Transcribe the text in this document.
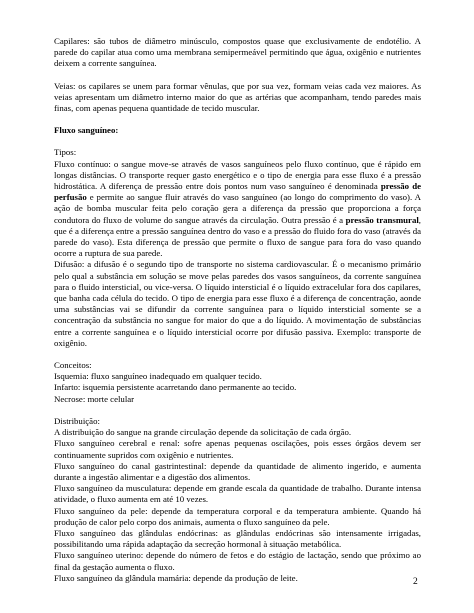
Capilares: são tubos de diâmetro minúsculo, compostos quase que exclusivamente de endotélio. A parede do capilar atua como uma membrana semipermeável permitindo que água, oxigênio e nutrientes deixem a corrente sanguínea.

Veias: os capilares se unem para formar vênulas, que por sua vez, formam veias cada vez maiores. As veias apresentam um diâmetro interno maior do que as artérias que acompanham, tendo paredes mais finas, com apenas pequena quantidade de tecido muscular.

Fluxo sanguíneo:

Tipos:

Fluxo contínuo: o sangue move-se através de vasos sanguíneos pelo fluxo contínuo, que é rápido em longas distâncias. O transporte requer gasto energético e o tipo de energia para esse fluxo é a pressão hidrostática. A diferença de pressão entre dois pontos num vaso sanguíneo é denominada pressão de perfusão e permite ao sangue fluir através do vaso sanguíneo (ao longo do comprimento do vaso). A ação de bomba muscular feita pelo coração gera a diferença da pressão que proporciona a força condutora do fluxo de volume do sangue através da circulação. Outra pressão é a pressão transmural, que é a diferença entre a pressão sanguínea dentro do vaso e a pressão do fluido fora do vaso (através da parede do vaso). Esta diferença de pressão que permite o fluxo de sangue para fora do vaso quando ocorre a ruptura de sua parede.

Difusão: a difusão é o segundo tipo de transporte no sistema cardiovascular. É o mecanismo primário pelo qual a substância em solução se move pelas paredes dos vasos sanguíneos, da corrente sanguínea para o fluido intersticial, ou vice-versa. O líquido intersticial é o líquido extracelular fora dos capilares, que banha cada célula do tecido. O tipo de energia para esse fluxo é a diferença de concentração, aonde uma substâncias vai se difundir da corrente sanguínea para o líquido intersticial somente se a concentração da substância no sangue for maior do que a do líquido. A movimentação de substâncias entre a corrente sanguínea e o líquido intersticial ocorre por difusão passiva. Exemplo: transporte de oxigênio.

Conceitos:

Isquemia: fluxo sanguíneo inadequado em qualquer tecido.

Infarto: isquemia persistente acarretando dano permanente ao tecido.

Necrose: morte celular

Distribuição:

A distribuição do sangue na grande circulação depende da solicitação de cada órgão.

Fluxo sanguíneo cerebral e renal: sofre apenas pequenas oscilações, pois esses órgãos devem ser continuamente supridos com oxigênio e nutrientes.

Fluxo sanguíneo do canal gastrintestinal: depende da quantidade de alimento ingerido, e aumenta durante a ingestão alimentar e a digestão dos alimentos.

Fluxo sanguíneo da musculatura: depende em grande escala da quantidade de trabalho. Durante intensa atividade, o fluxo aumenta em até 10 vezes.

Fluxo sanguíneo da pele: depende da temperatura corporal e da temperatura ambiente. Quando há produção de calor pelo corpo dos animais, aumenta o fluxo sanguíneo da pele.

Fluxo sanguíneo das glândulas endócrinas: as glândulas endócrinas são intensamente irrigadas, possibilitando uma rápida adaptação da secreção hormonal à situação metabólica.

Fluxo sanguíneo uterino: depende do número de fetos e do estágio de lactação, sendo que próximo ao final da gestação aumenta o fluxo.

Fluxo sanguíneo da glândula mamária: depende da produção de leite.	2
